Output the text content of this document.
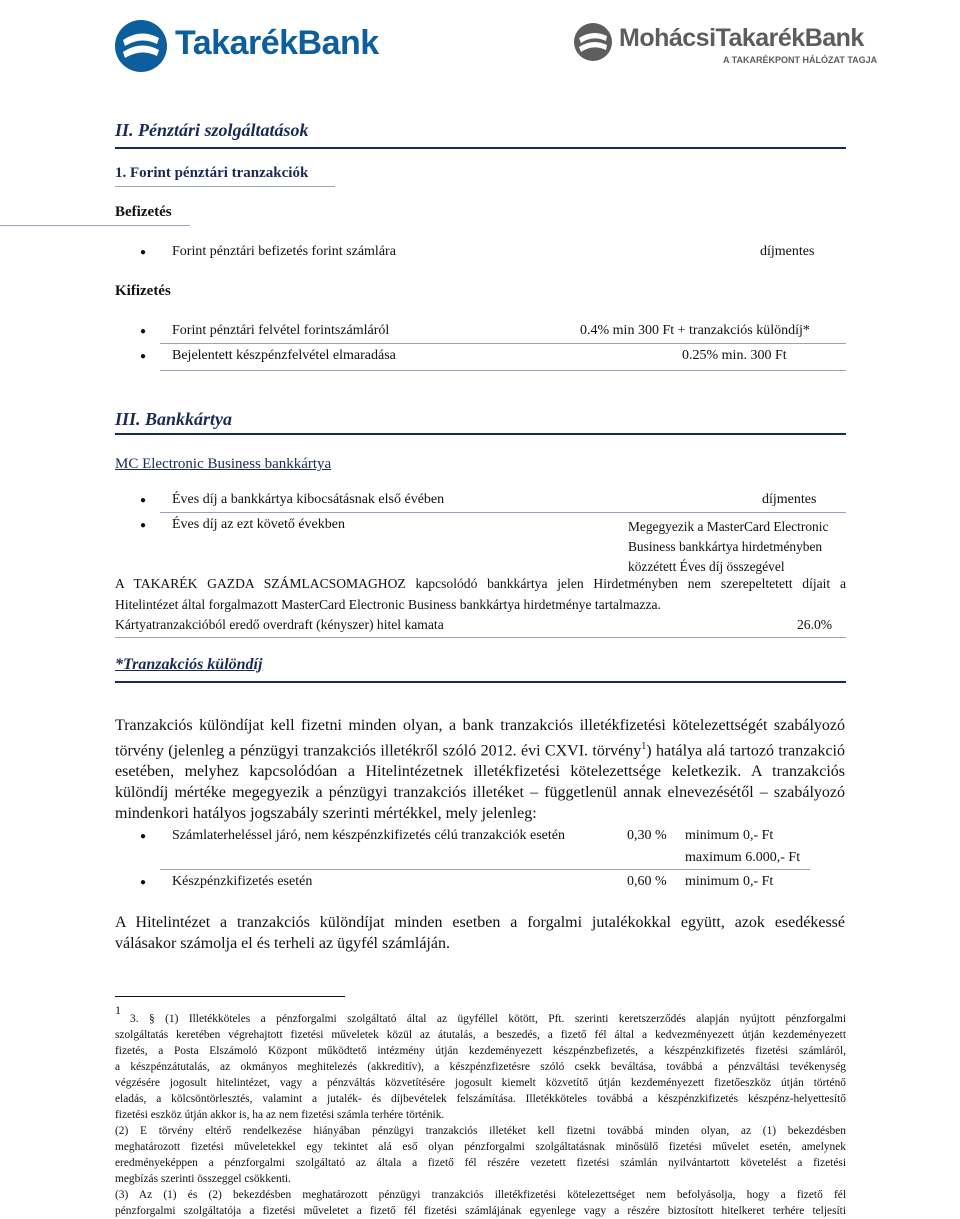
TakarékBank	MohácsiTakarékBank
A TAKARÉKPONT HÁLÓZAT TAGJA
II. Pénztári szolgáltatások
1. Forint pénztári tranzakciók
Befizetés
● Forint pénztári befizetés forint számlára	díjmentes
Kifizetés
● Forint pénztári felvétel forintszámláról	0.4% min 300 Ft + tranzakciós különdíj*
● Bejelentett készpénzfelvétel elmaradása	0.25% min. 300 Ft
III. Bankkártya
MC Electronic Business bankkártya
● Éves díj a bankkártya kibocsátásnak első évében	díjmentes
● Éves díj az ezt követő években	Megegyezik a MasterCard Electronic
Business bankkártya hirdetményben
közzétett Éves díj összegével
A TAKARÉK GAZDA SZÁMLACSOMAGHOZ kapcsolódó bankkártya jelen Hirdetményben nem szerepeltetett díjait a
Hitelintézet által forgalmazott MasterCard Electronic Business bankkártya hirdetménye tartalmazza.
Kártyatranzakcióból eredő overdraft (kényszer) hitel kamata	26.0%
*Tranzakciós különdíj
Tranzakciós különdíjat kell fizetni minden olyan, a bank tranzakciós illetékfizetési kötelezettségét szabályozó
törvény (jelenleg a pénzügyi tranzakciós illetékről szóló 2012. évi CXVI. törvény$^1$) hatálya alá tartozó tranzakció
esetében, melyhez kapcsolódóan a Hitelintézetnek illetékfizetési kötelezettsége keletkezik. A tranzakciós
különdíj mértéke megegyezik a pénzügyi tranzakciós illetéket – függetlenül annak elnevezésétől – szabályozó
mindenkori hatályos jogszabály szerinti mértékkel, mely jelenleg:
● Számlaterheléssel járó, nem készpénzkifizetés célú tranzakciók esetén	0,30 % minimum 0,- Ft
maximum 6.000,- Ft
● Készpénzkifizetés esetén	0,60 % minimum 0,- Ft
A Hitelintézet a tranzakciós különdíjat minden esetben a forgalmi jutalékokkal együtt, azok esedékessé
válásakor számolja el és terheli az ügyfél számláján.
1
3. § (1) Illetékköteles a pénzforgalmi szolgáltató által az ügyféllel kötött, Pft. szerinti keretszerződés alapján nyújtott pénzforgalmi
szolgáltatás keretében végrehajtott fizetési műveletek közül az átutalás, a beszedés, a fizető fél által a kedvezményezett útján kezdeményezett
fizetés, a Posta Elszámoló Központ működtető intézmény útján kezdeményezett készpénzbefizetés, a készpénzkifizetés fizetési számláról,
a készpénzátutalás, az okmányos meghitelezés (akkreditív), a készpénzfizetésre szóló csekk beváltása, továbbá a pénzváltási tevékenység
végzésére jogosult hitelintézet, vagy a pénzváltás közvetítésére jogosult kiemelt közvetítő útján kezdeményezett fizetőeszköz útján történő
eladás, a kölcsöntörlesztés, valamint a jutalék- és díjbevételek felszámítása. Illetékköteles továbbá a készpénzkifizetés készpénz-helyettesítő
fizetési eszköz útján akkor is, ha az nem fizetési számla terhére történik.
(2) E törvény eltérő rendelkezése hiányában pénzügyi tranzakciós illetéket kell fizetni továbbá minden olyan, az (1) bekezdésben
meghatározott fizetési műveletekkel egy tekintet alá eső olyan pénzforgalmi szolgáltatásnak minősülő fizetési művelet esetén, amelynek
eredményeképpen a pénzforgalmi szolgáltató az általa a fizető fél részére vezetett fizetési számlán nyilvántartott követelést a fizetési
megbízás szerinti összeggel csökkenti.
(3) Az (1) és (2) bekezdésben meghatározott pénzügyi tranzakciós illetékfizetési kötelezettséget nem befolyásolja, hogy a fizető fél
pénzforgalmi szolgáltatója a fizetési műveletet a fizető fél fizetési számlájának egyenlege vagy a részére biztosított hitelkeret terhére teljesíti
